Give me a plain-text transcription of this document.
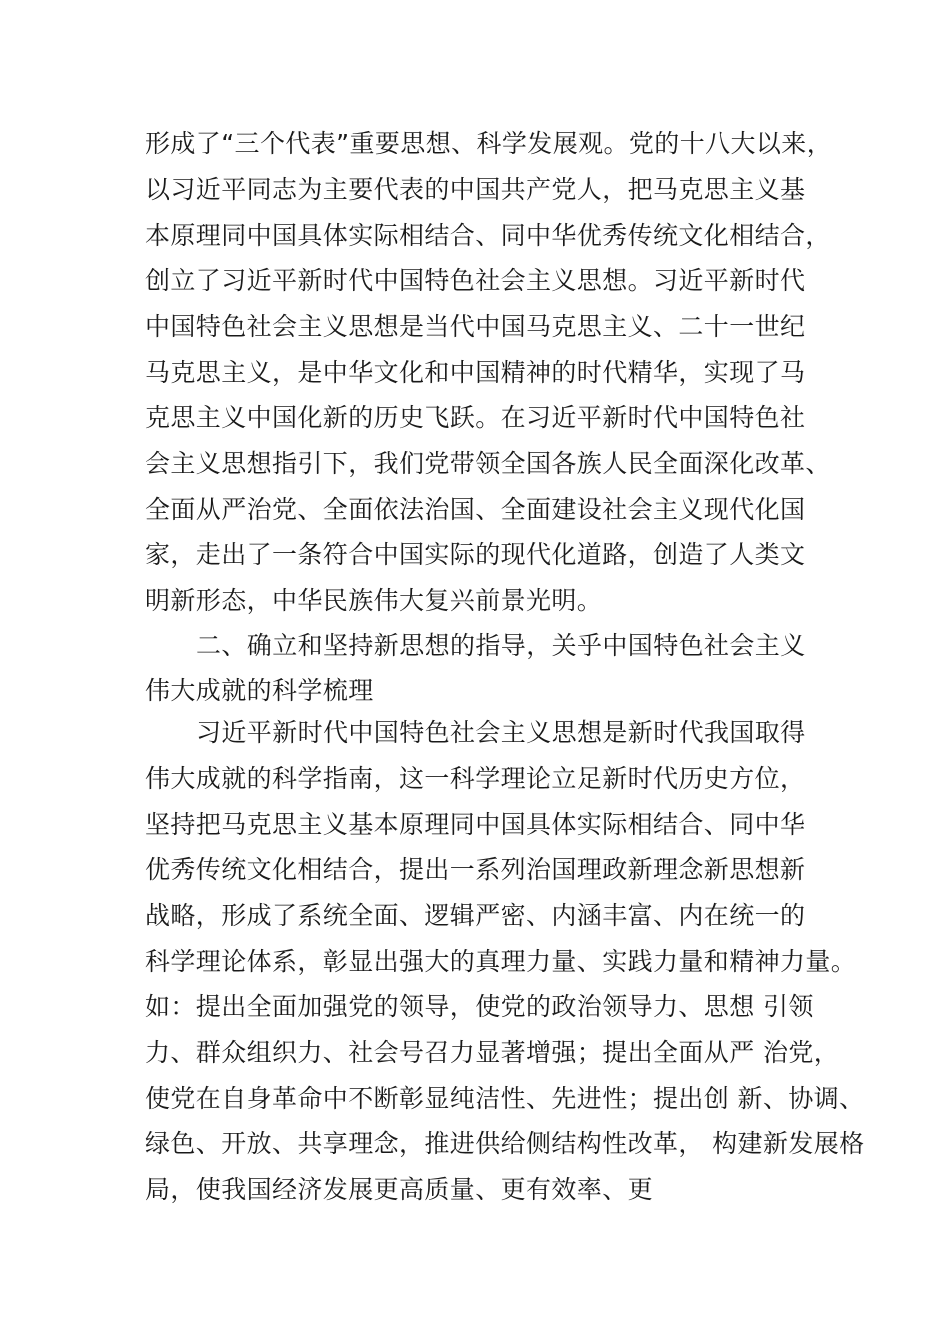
形成了“三个代表”重要思想、科学发展观。党的十八大以来，
以习近平同志为主要代表的中国共产党人，把马克思主义基
本原理同中国具体实际相结合、同中华优秀传统文化相结合，
创立了习近平新时代中国特色社会主义思想。习近平新时代
中国特色社会主义思想是当代中国马克思主义、二十一世纪
马克思主义，是中华文化和中国精神的时代精华，实现了马
克思主义中国化新的历史飞跃。在习近平新时代中国特色社
会主义思想指引下，我们党带领全国各族人民全面深化改革、
全面从严治党、全面依法治国、全面建设社会主义现代化国
家，走出了一条符合中国实际的现代化道路，创造了人类文
明新形态，中华民族伟大复兴前景光明。
二、确立和坚持新思想的指导，关乎中国特色社会主义
伟大成就的科学梳理
习近平新时代中国特色社会主义思想是新时代我国取得
伟大成就的科学指南，这一科学理论立足新时代历史方位，
坚持把马克思主义基本原理同中国具体实际相结合、同中华
优秀传统文化相结合，提出一系列治国理政新理念新思想新
战略，形成了系统全面、逻辑严密、内涵丰富、内在统一的
科学理论体系，彰显出强大的真理力量、实践力量和精神力量。
如：提出全面加强党的领导，使党的政治领导力、思想 引领
力、群众组织力、社会号召力显著增强；提出全面从严 治党，
使党在自身革命中不断彰显纯洁性、先进性；提出创 新、协调、
绿色、开放、共享理念，推进供给侧结构性改革， 构建新发展格
局，使我国经济发展更高质量、更有效率、更
